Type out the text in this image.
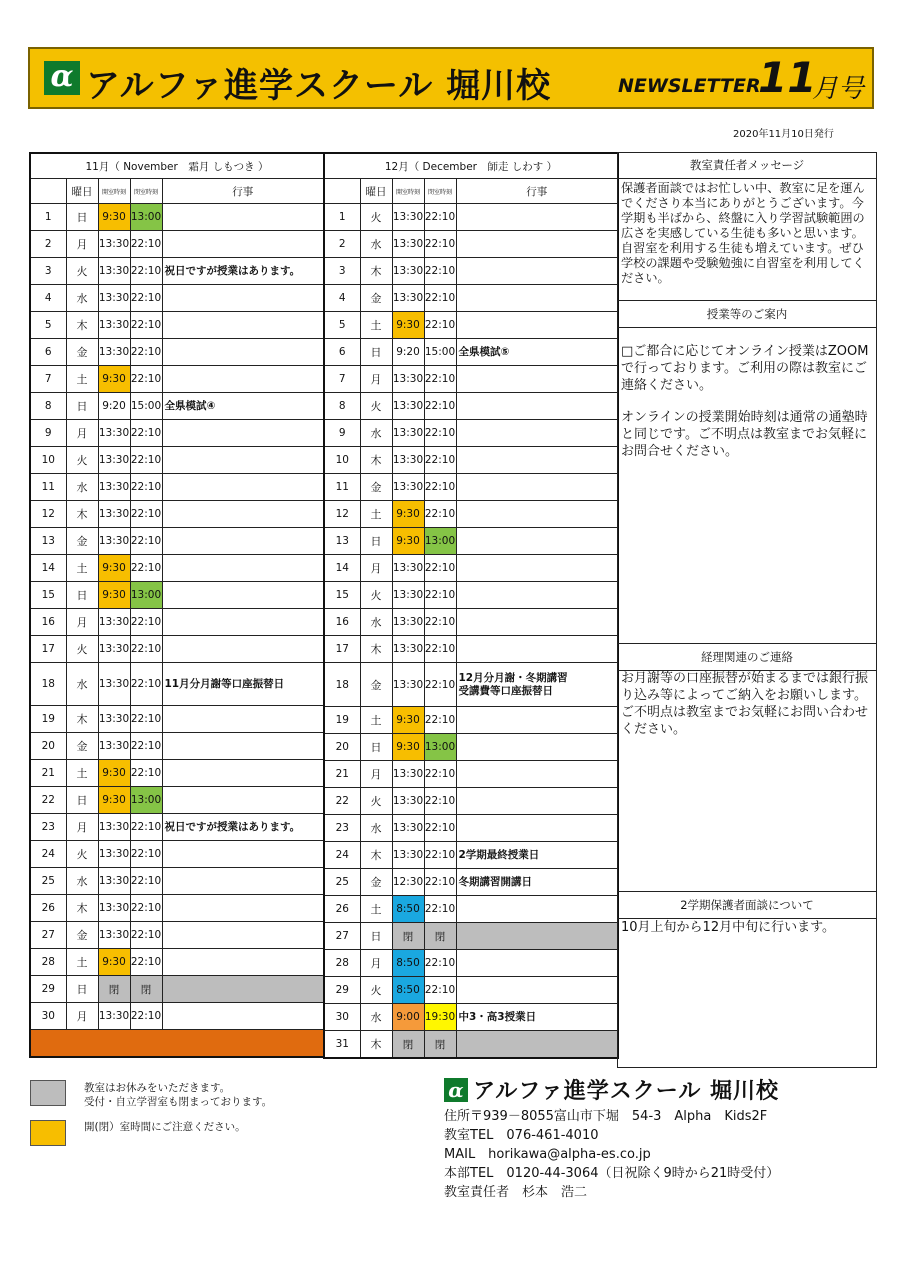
α アルファ進学スクール 堀川校	NEWSLETTER
11
月号
2020年11月10日発行
11月（ November　霜月 しもつき ）				
	曜日	開室時刻	閉室時刻	行事
1	日	9:30	13:00	
2	月	13:30	22:10	
3	火	13:30	22:10	祝日ですが授業はあります。
4	水	13:30	22:10	
5	木	13:30	22:10	
6	金	13:30	22:10	
7	土	9:30	22:10	
8	日	9:20	15:00	全県模試④
9	月	13:30	22:10	
10	火	13:30	22:10	
11	水	13:30	22:10	
12	木	13:30	22:10	
13	金	13:30	22:10	
14	土	9:30	22:10	
15	日	9:30	13:00	
16	月	13:30	22:10	
17	火	13:30	22:10	
18	水	13:30	22:10	11月分月謝等口座振替日
19	木	13:30	22:10	
20	金	13:30	22:10	
21	土	9:30	22:10	
22	日	9:30	13:00	
23	月	13:30	22:10	祝日ですが授業はあります。
24	火	13:30	22:10	
25	水	13:30	22:10	
26	木	13:30	22:10	
27	金	13:30	22:10	
28	土	9:30	22:10	
29	日	閉	閉	
30	月	13:30	22:10	

12月（ December　師走 しわす ）				
	曜日	開室時刻	閉室時刻	行事
1	火	13:30	22:10	
2	水	13:30	22:10	
3	木	13:30	22:10	
4	金	13:30	22:10	
5	土	9:30	22:10	
6	日	9:20	15:00	全県模試⑤
7	月	13:30	22:10	
8	火	13:30	22:10	
9	水	13:30	22:10	
10	木	13:30	22:10	
11	金	13:30	22:10	
12	土	9:30	22:10	
13	日	9:30	13:00	
14	月	13:30	22:10	
15	火	13:30	22:10	
16	水	13:30	22:10	
17	木	13:30	22:10	
18	金	13:30	22:10	12月分月謝・冬期講習
受講費等口座振替日
19	土	9:30	22:10	
20	日	9:30	13:00	
21	月	13:30	22:10	
22	火	13:30	22:10	
23	水	13:30	22:10	
24	木	13:30	22:10	2学期最終授業日
25	金	12:30	22:10	冬期講習開講日
26	土	8:50	22:10	
27	日	閉	閉	
28	月	8:50	22:10	
29	火	8:50	22:10	
30	水	9:00	19:30	中3・高3授業日
31	木	閉	閉	
教室責任者メッセージ
保護者面談ではお忙しい中、教室に足を運んでくださり本当にありがとうございます。今学期も半ばから、終盤に入り学習試験範囲の広さを実感している生徒も多いと思います。自習室を利用する生徒も増えています。ぜひ学校の課題や受験勉強に自習室を利用してください。
授業等のご案内
□ご都合に応じてオンライン授業はZOOMで行っております。ご利用の際は教室にご連絡ください。
オンラインの授業開始時刻は通常の通塾時と同じです。ご不明点は教室までお気軽にお問合せください。
経理関連のご連絡
お月謝等の口座振替が始まるまでは銀行振り込み等によってご納入をお願いします。ご不明点は教室までお気軽にお問い合わせください。
2学期保護者面談について
10月上旬から12月中旬に行います。
教室はお休みをいただきます。
受付・自立学習室も閉まっております。
開(閉）室時間にご注意ください。
α アルファ進学スクール 堀川校
住所〒939－8055富山市下堀　54-3　Alpha　Kids2F
教室TEL　076-461-4010
MAIL　horikawa@alpha-es.co.jp
本部TEL　0120-44-3064（日祝除く9時から21時受付）
教室責任者　杉本　浩二
